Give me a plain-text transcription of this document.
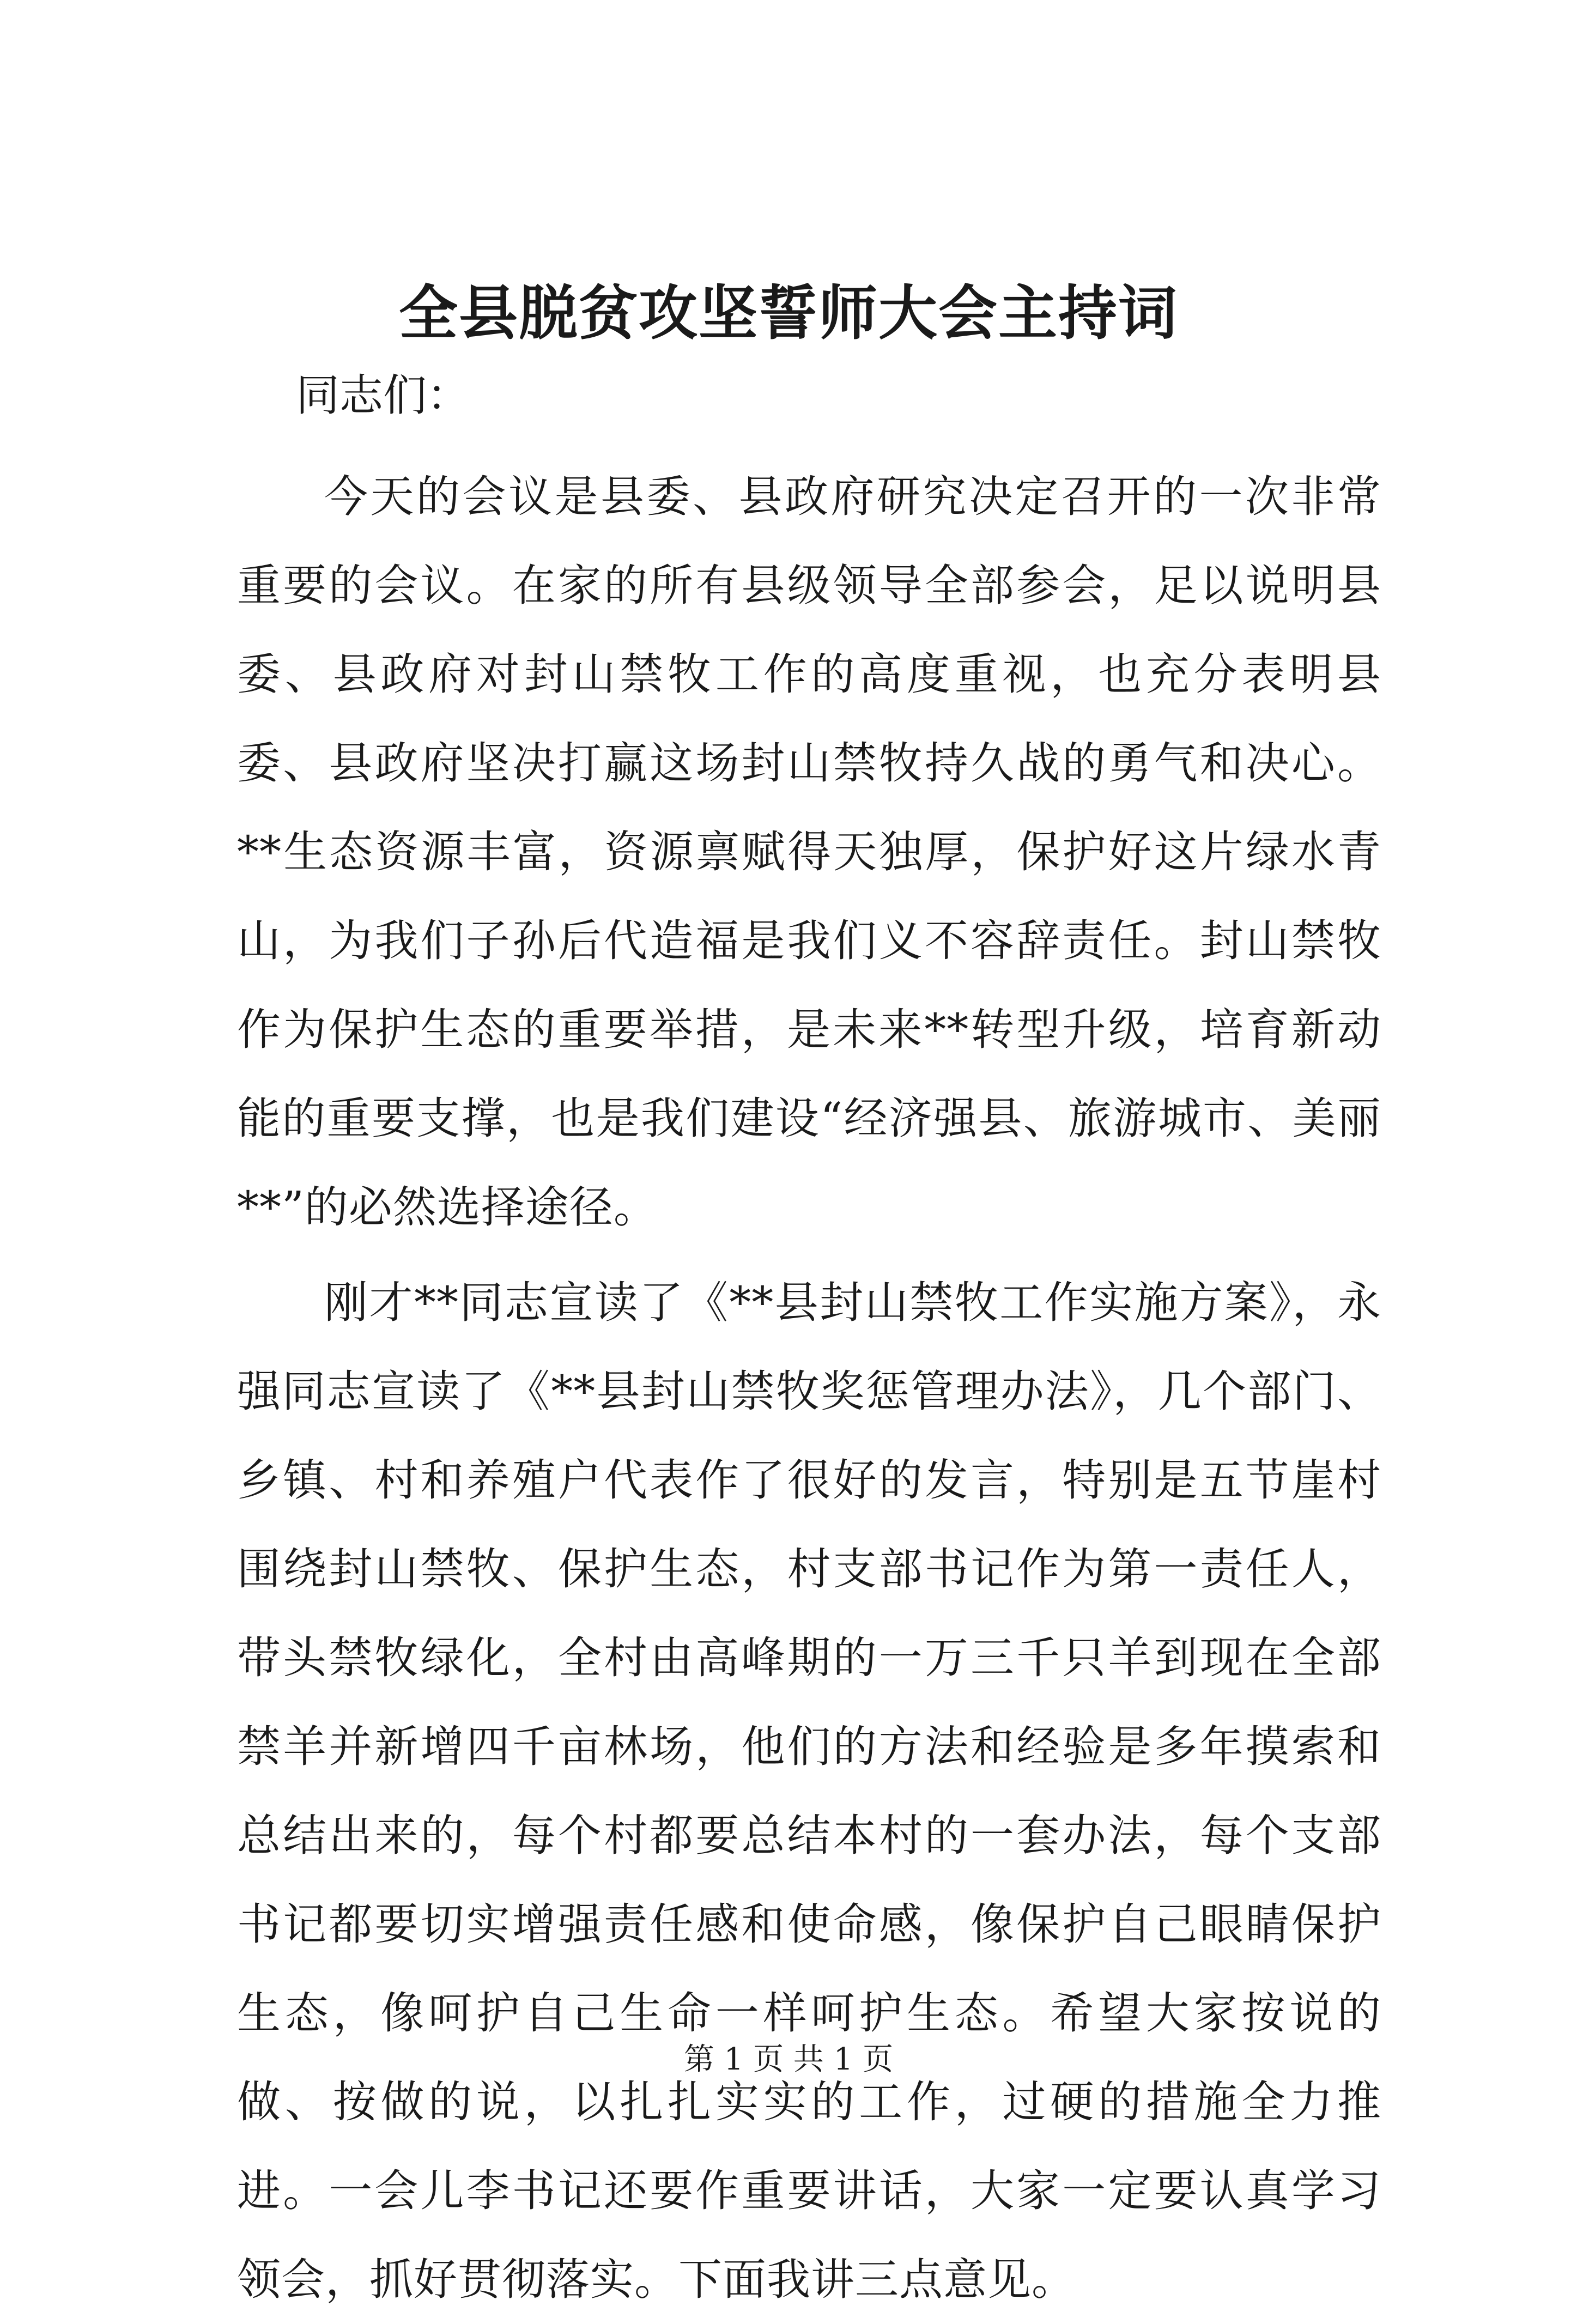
全县脱贫攻坚誓师大会主持词

同志们：

今天的会议是县委、县政府研究决定召开的一次非常重要的会议。在家的所有县级领导全部参会，足以说明县委、县政府对封山禁牧工作的高度重视，也充分表明县委、县政府坚决打赢这场封山禁牧持久战的勇气和决心。**生态资源丰富，资源禀赋得天独厚，保护好这片绿水青山，为我们子孙后代造福是我们义不容辞责任。封山禁牧作为保护生态的重要举措，是未来**转型升级，培育新动能的重要支撑，也是我们建设“经济强县、旅游城市、美丽**”的必然选择途径。

刚才**同志宣读了《**县封山禁牧工作实施方案》，永强同志宣读了《**县封山禁牧奖惩管理办法》，几个部门、乡镇、村和养殖户代表作了很好的发言，特别是五节崖村围绕封山禁牧、保护生态，村支部书记作为第一责任人，带头禁牧绿化，全村由高峰期的一万三千只羊到现在全部禁羊并新增四千亩林场，他们的方法和经验是多年摸索和总结出来的，每个村都要总结本村的一套办法，每个支部书记都要切实增强责任感和使命感，像保护自己眼睛保护生态，像呵护自己生命一样呵护生态。希望大家按说的做、按做的说，以扎扎实实的工作，过硬的措施全力推进。一会儿李书记还要作重要讲话，大家一定要认真学习领会，抓好贯彻落实。下面我讲三点意见。

第 1 页 共 1 页
